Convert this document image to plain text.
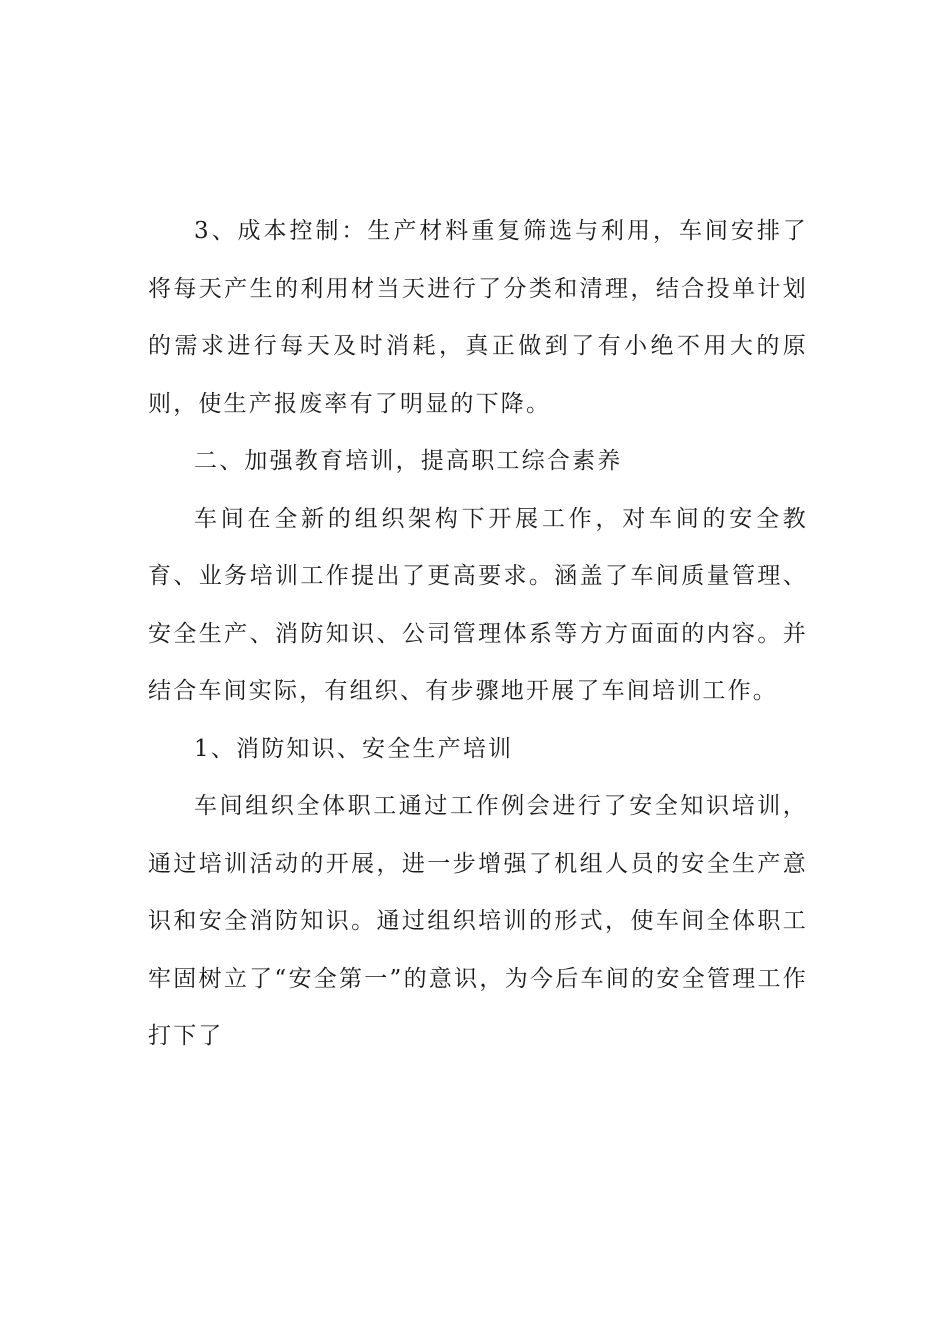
3、成本控制：生产材料重复筛选与利用，车间安排了将每天产生的利用材当天进行了分类和清理，结合投单计划的需求进行每天及时消耗，真正做到了有小绝不用大的原则，使生产报废率有了明显的下降。

二、加强教育培训，提高职工综合素养

车间在全新的组织架构下开展工作，对车间的安全教育、业务培训工作提出了更高要求。涵盖了车间质量管理、安全生产、消防知识、公司管理体系等方方面面的内容。并结合车间实际，有组织、有步骤地开展了车间培训工作。

1、消防知识、安全生产培训

车间组织全体职工通过工作例会进行了安全知识培训，通过培训活动的开展，进一步增强了机组人员的安全生产意识和安全消防知识。通过组织培训的形式，使车间全体职工牢固树立了“安全第一”的意识，为今后车间的安全管理工作打下了
